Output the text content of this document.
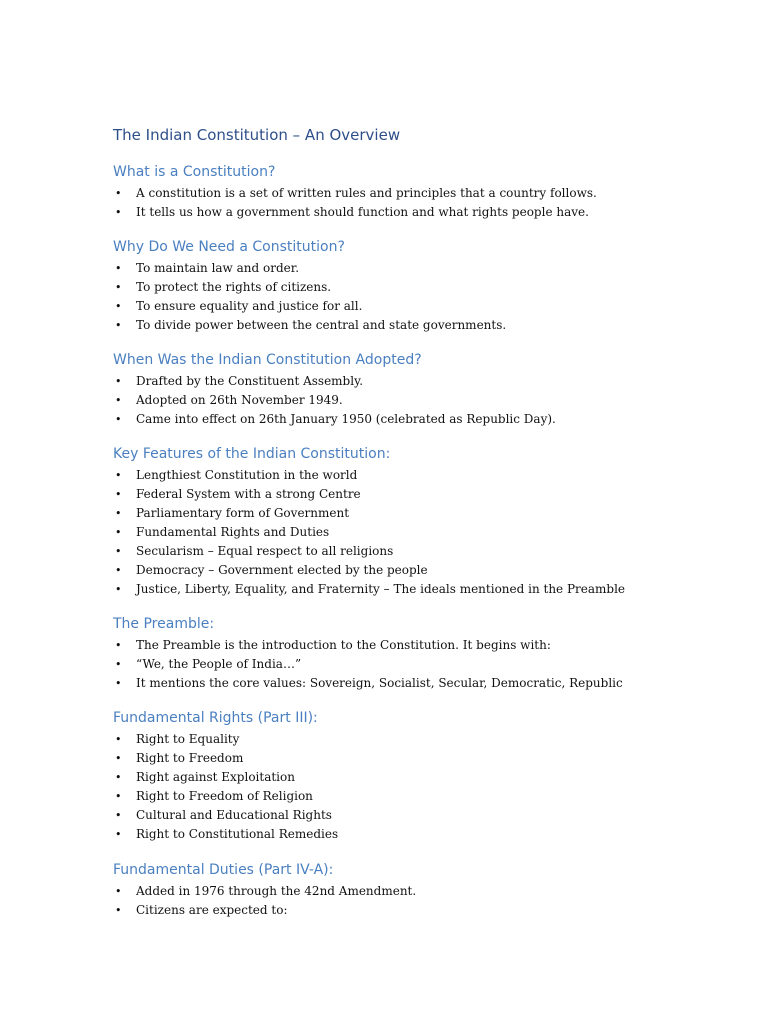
The Indian Constitution – An Overview
What is a Constitution?
• A constitution is a set of written rules and principles that a country follows.
• It tells us how a government should function and what rights people have.
Why Do We Need a Constitution?
• To maintain law and order.
• To protect the rights of citizens.
• To ensure equality and justice for all.
• To divide power between the central and state governments.
When Was the Indian Constitution Adopted?
• Drafted by the Constituent Assembly.
• Adopted on 26th November 1949.
• Came into effect on 26th January 1950 (celebrated as Republic Day).
Key Features of the Indian Constitution:
• Lengthiest Constitution in the world
• Federal System with a strong Centre
• Parliamentary form of Government
• Fundamental Rights and Duties
• Secularism – Equal respect to all religions
• Democracy – Government elected by the people
• Justice, Liberty, Equality, and Fraternity – The ideals mentioned in the Preamble
The Preamble:
• The Preamble is the introduction to the Constitution. It begins with:
• “We, the People of India…”
• It mentions the core values: Sovereign, Socialist, Secular, Democratic, Republic
Fundamental Rights (Part III):
• Right to Equality
• Right to Freedom
• Right against Exploitation
• Right to Freedom of Religion
• Cultural and Educational Rights
• Right to Constitutional Remedies
Fundamental Duties (Part IV-A):
• Added in 1976 through the 42nd Amendment.
• Citizens are expected to:
